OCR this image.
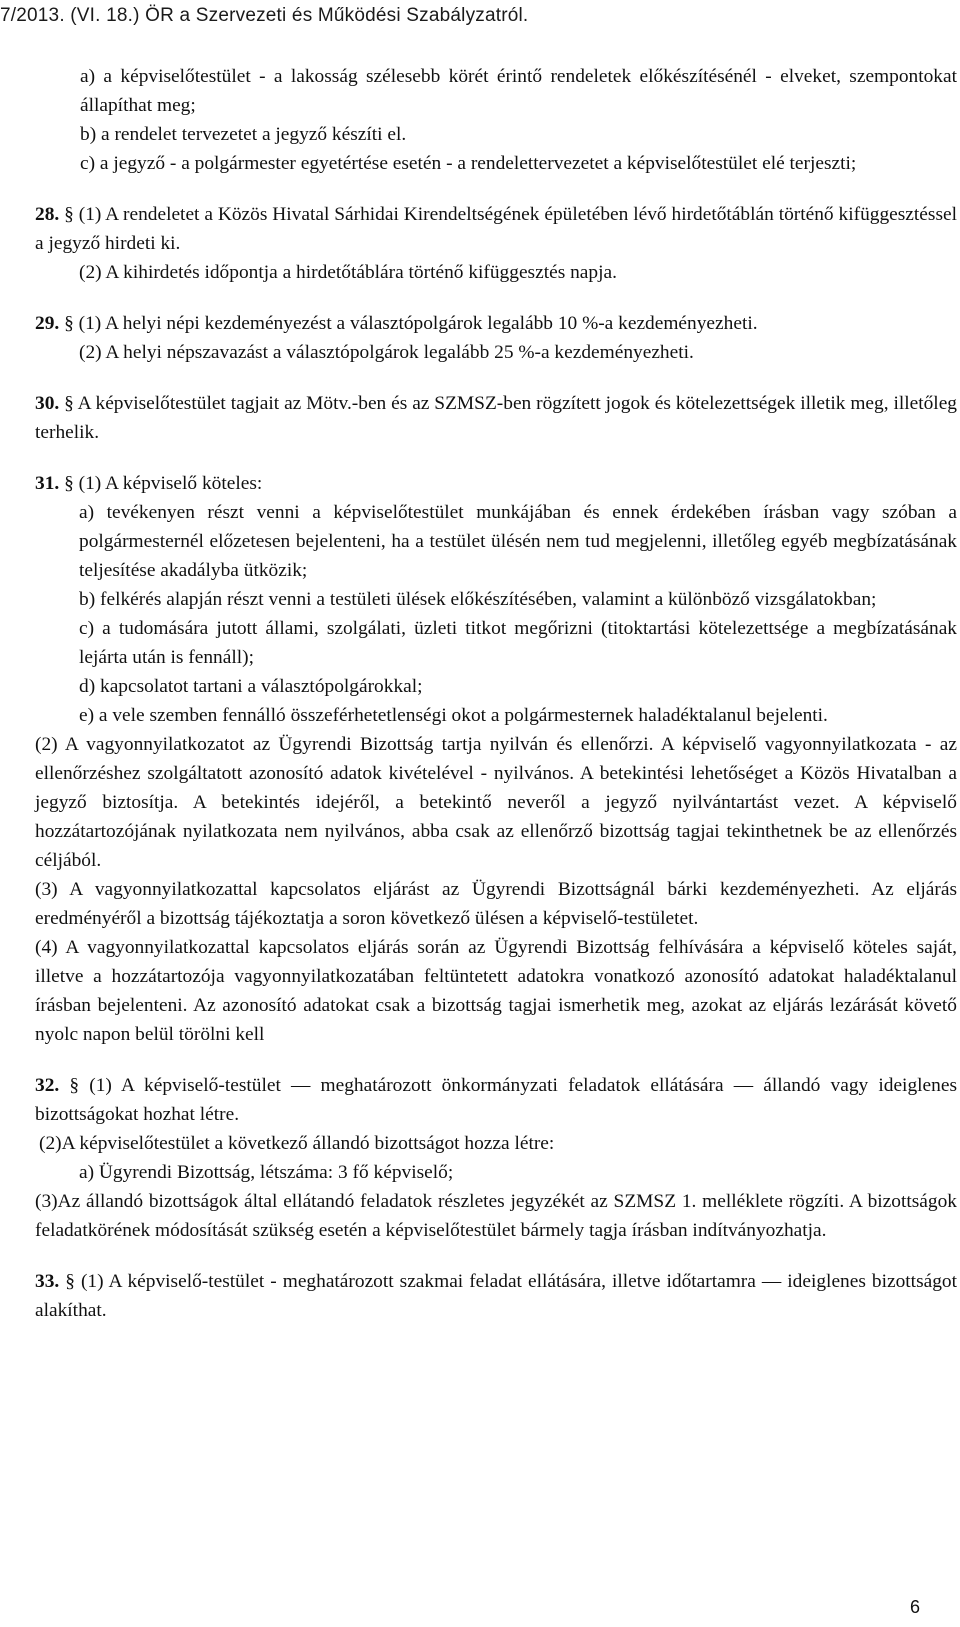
7/2013. (VI. 18.) ÖR a Szervezeti és Működési Szabályzatról.

a) a képviselőtestület - a lakosság szélesebb körét érintő rendeletek előkészítésénél - elveket, szempontokat állapíthat meg;

b) a rendelet tervezetet a jegyző készíti el.

c) a jegyző - a polgármester egyetértése esetén - a rendelettervezetet a képviselőtestület elé terjeszti;

28. § (1) A rendeletet a Közös Hivatal Sárhidai Kirendeltségének épületében lévő hirdetőtáblán történő kifüggesztéssel a jegyző hirdeti ki.

(2) A kihirdetés időpontja a hirdetőtáblára történő kifüggesztés napja.

29. § (1) A helyi népi kezdeményezést a választópolgárok legalább 10 %-a kezdeményezheti.

(2) A helyi népszavazást a választópolgárok legalább 25 %-a kezdeményezheti.

30. § A képviselőtestület tagjait az Mötv.-ben és az SZMSZ-ben rögzített jogok és kötelezettségek illetik meg, illetőleg terhelik.

31. § (1) A képviselő köteles:

a) tevékenyen részt venni a képviselőtestület munkájában és ennek érdekében írásban vagy szóban a polgármesternél előzetesen bejelenteni, ha a testület ülésén nem tud megjelenni, illetőleg egyéb megbízatásának teljesítése akadályba ütközik;

b) felkérés alapján részt venni a testületi ülések előkészítésében, valamint a különböző vizsgálatokban;

c) a tudomására jutott állami, szolgálati, üzleti titkot megőrizni (titoktartási kötelezettsége a megbízatásának lejárta után is fennáll);

d) kapcsolatot tartani a választópolgárokkal;

e) a vele szemben fennálló összeférhetetlenségi okot a polgármesternek haladéktalanul bejelenti.

(2) A vagyonnyilatkozatot az Ügyrendi Bizottság tartja nyilván és ellenőrzi. A képviselő vagyonnyilatkozata - az ellenőrzéshez szolgáltatott azonosító adatok kivételével - nyilvános. A betekintési lehetőséget a Közös Hivatalban a jegyző biztosítja. A betekintés idejéről, a betekintő neveről a jegyző nyilvántartást vezet. A képviselő hozzátartozójának nyilatkozata nem nyilvános, abba csak az ellenőrző bizottság tagjai tekinthetnek be az ellenőrzés céljából.

(3) A vagyonnyilatkozattal kapcsolatos eljárást az Ügyrendi Bizottságnál bárki kezdeményezheti. Az eljárás eredményéről a bizottság tájékoztatja a soron következő ülésen a képviselő-testületet.

(4) A vagyonnyilatkozattal kapcsolatos eljárás során az Ügyrendi Bizottság felhívására a képviselő köteles saját, illetve a hozzátartozója vagyonnyilatkozatában feltüntetett adatokra vonatkozó azonosító adatokat haladéktalanul írásban bejelenteni. Az azonosító adatokat csak a bizottság tagjai ismerhetik meg, azokat az eljárás lezárását követő nyolc napon belül törölni kell

32. § (1) A képviselő-testület — meghatározott önkormányzati feladatok ellátására — állandó vagy ideiglenes bizottságokat hozhat létre.

(2)A képviselőtestület a következő állandó bizottságot hozza létre:

a) Ügyrendi Bizottság, létszáma: 3 fő képviselő;

(3)Az állandó bizottságok által ellátandó feladatok részletes jegyzékét az SZMSZ 1. melléklete rögzíti. A bizottságok feladatkörének módosítását szükség esetén a képviselőtestület bármely tagja írásban indítványozhatja.

33. § (1) A képviselő-testület - meghatározott szakmai feladat ellátására, illetve időtartamra — ideiglenes bizottságot alakíthat.

6
